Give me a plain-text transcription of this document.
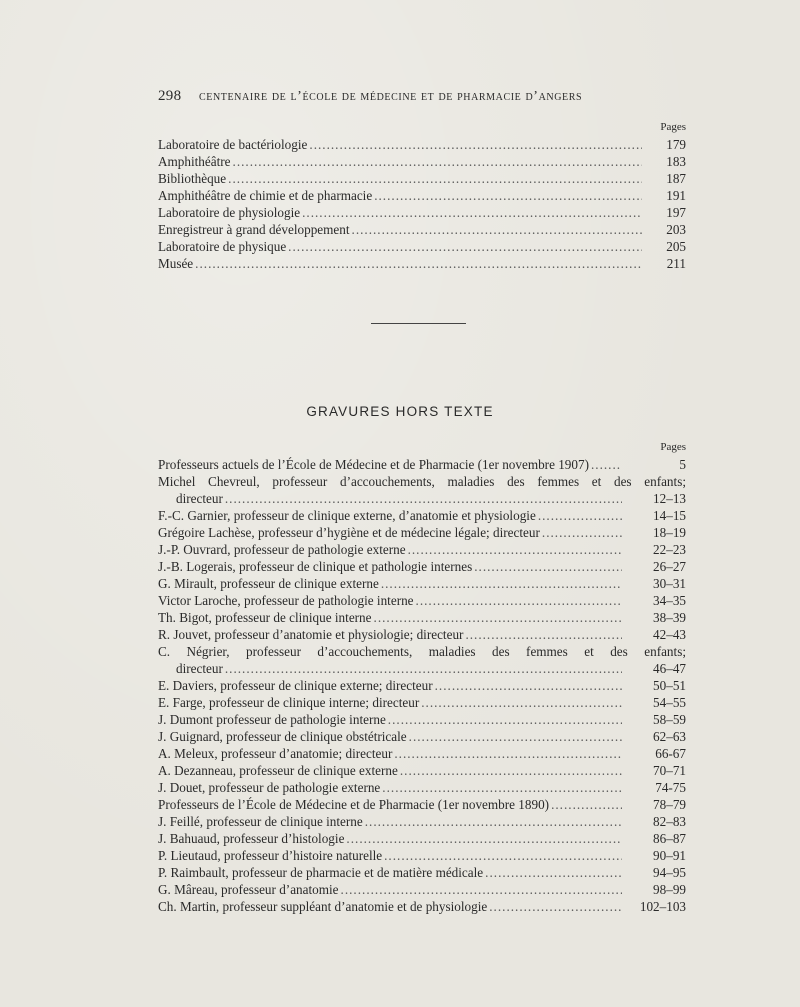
298 centenaire de l’école de médecine et de pharmacie d’angers
Pages
Laboratoire de bactériologie .....	179
Amphithéâtre .....	183
Bibliothèque .....	187
Amphithéâtre de chimie et de pharmacie .....	191
Laboratoire de physiologie .....	197
Enregistreur à grand développement .....	203
Laboratoire de physique .....	205
Musée .....	211
GRAVURES HORS TEXTE
Pages
Professeurs actuels de l’École de Médecine et de Pharmacie (1er novembre 1907) .....	5
Michel Chevreul, professeur d’accouchements, maladies des femmes et des enfants;
directeur .....	12–13
F.-C. Garnier, professeur de clinique externe, d’anatomie et physiologie .....	14–15
Grégoire Lachèse, professeur d’hygiène et de médecine légale; directeur .....	18–19
J.-P. Ouvrard, professeur de pathologie externe .....	22–23
J.-B. Logerais, professeur de clinique et pathologie internes .....	26–27
G. Mirault, professeur de clinique externe .....	30–31
Victor Laroche, professeur de pathologie interne .....	34–35
Th. Bigot, professeur de clinique interne .....	38–39
R. Jouvet, professeur d’anatomie et physiologie; directeur .....	42–43
C. Négrier, professeur d’accouchements, maladies des femmes et des enfants;
directeur .....	46–47
E. Daviers, professeur de clinique externe; directeur .....	50–51
E. Farge, professeur de clinique interne; directeur .....	54–55
J. Dumont professeur de pathologie interne .....	58–59
J. Guignard, professeur de clinique obstétricale .....	62–63
A. Meleux, professeur d’anatomie; directeur .....	66-67
A. Dezanneau, professeur de clinique externe .....	70–71
J. Douet, professeur de pathologie externe .....	74-75
Professeurs de l’École de Médecine et de Pharmacie (1er novembre 1890) .....	78–79
J. Feillé, professeur de clinique interne .....	82–83
J. Bahuaud, professeur d’histologie .....	86–87
P. Lieutaud, professeur d’histoire naturelle .....	90–91
P. Raimbault, professeur de pharmacie et de matière médicale .....	94–95
G. Mâreau, professeur d’anatomie .....	98–99
Ch. Martin, professeur suppléant d’anatomie et de physiologie .....	102–103
